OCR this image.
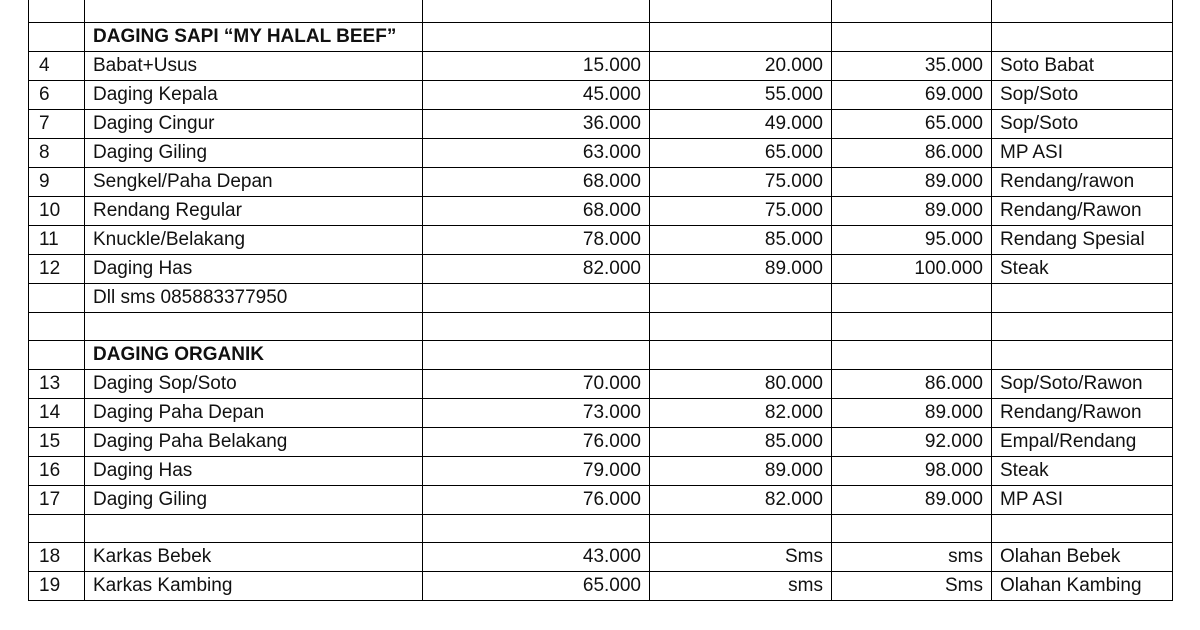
	DAGING SAPI “MY HALAL BEEF”				
4	Babat+Usus	15.000	20.000	35.000	Soto Babat
6	Daging Kepala	45.000	55.000	69.000	Sop/Soto
7	Daging Cingur	36.000	49.000	65.000	Sop/Soto
8	Daging Giling	63.000	65.000	86.000	MP ASI
9	Sengkel/Paha Depan	68.000	75.000	89.000	Rendang/rawon
10	Rendang Regular	68.000	75.000	89.000	Rendang/Rawon
11	Knuckle/Belakang	78.000	85.000	95.000	Rendang Spesial
12	Daging Has	82.000	89.000	100.000	Steak
	Dll sms 085883377950				

	DAGING ORGANIK				
13	Daging Sop/Soto	70.000	80.000	86.000	Sop/Soto/Rawon
14	Daging Paha Depan	73.000	82.000	89.000	Rendang/Rawon
15	Daging Paha Belakang	76.000	85.000	92.000	Empal/Rendang
16	Daging Has	79.000	89.000	98.000	Steak
17	Daging Giling	76.000	82.000	89.000	MP ASI

18	Karkas Bebek	43.000	Sms	sms	Olahan Bebek
19	Karkas Kambing	65.000	sms	Sms	Olahan Kambing
